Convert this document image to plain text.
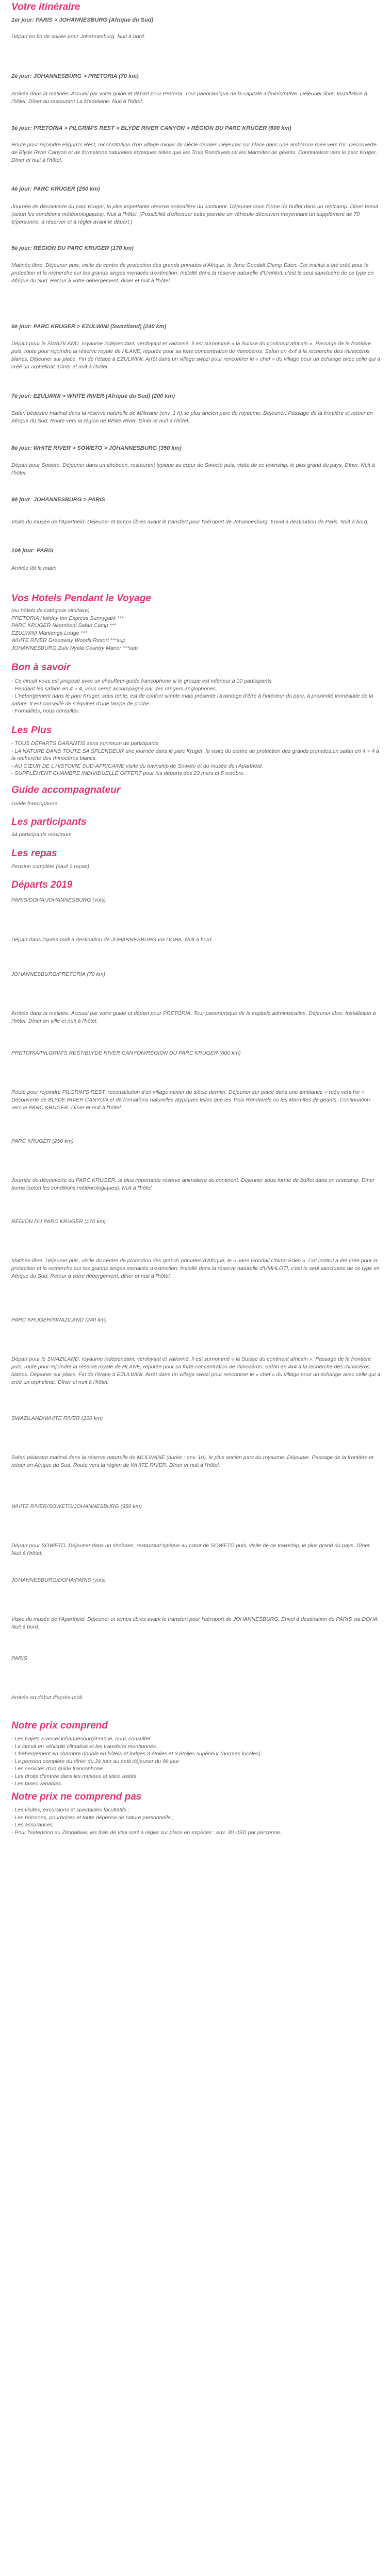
Votre itinéraire

1er jour: PARIS > JOHANNESBURG (Afrique du Sud)

Départ en fin de soirée pour Johannesburg. Nuit à bord.

2è jour: JOHANNESBURG > PRETORIA (70 km)

Arrivée dans la matinée. Accueil par votre guide et départ pour Pretoria. Tour panoramique de la capitale administrative. Déjeuner libre. Installation à l'hôtel. Dîner au restaurant La Madeleine. Nuit à l'hôtel.

3è jour: PRETORIA > PILGRIM'S REST > BLYDE RIVER CANYON > RÉGION DU PARC KRUGER (600 km)

Route pour rejoindre Pilgrim's Rest, reconstitution d'un village minier du siècle dernier. Déjeuner sur place dans une ambiance ruée vers l'or. Découverte de Blyde River Canyon et de formations naturelles atypiques telles que les Trois Rondavels ou les Marmites de géants. Continuation vers le parc Kruger. Dîner et nuit à l'hôtel.

4è jour: PARC KRUGER (250 km)

Journée de découverte du parc Kruger, la plus importante réserve animalière du continent. Déjeuner sous forme de buffet dans un restcamp. Dîner boma (selon les conditions météorologiques). Nuit à l'hôtel. (Possibilité d'effectuer cette journée en véhicule découvert moyennant un supplément de 70 €/personne, à réserver et à régler avant le départ.)

5è jour: RÉGION DU PARC KRUGER (170 km)

Matinée libre. Déjeuner puis, visite du centre de protection des grands primates d'Afrique, le Jane Goodall Chimp Eden. Cet institut a été créé pour la protection et la recherche sur les grands singes menacés d'extinction. Installé dans la réserve naturelle d'Umhloti, c'est le seul sanctuaire de ce type en Afrique du Sud. Retour à votre hébergement, dîner et nuit à l'hôtel.

6è jour: PARC KRUGER > EZULWINI (Swaziland) (240 km)

Départ pour le SWAZILAND, royaume indépendant, verdoyant et vallonné, il est surnommé « la Suisse du continent africain ». Passage de la frontière puis, route pour rejoindre la réserve royale de HLANE, réputée pour sa forte concentration de rhinocéros. Safari en 4x4 à la recherche des rhinocéros blancs. Déjeuner sur place. Fin de l'étape à EZULWINI. Arrêt dans un village swazi pour rencontrer le « chef » du village pour un échange avec celle qui a créé un orphelinat. Dîner et nuit à l'hôtel.

7è jour: EZULWINI > WHITE RIVER (Afrique du Sud) (200 km)

Safari pédestre matinal dans la réserve naturelle de Mlilwane (env. 1 h), le plus ancien parc du royaume. Déjeuner. Passage de la frontière et retour en Afrique du Sud. Route vers la région de White River. Dîner et nuit à l'hôtel.

8è jour: WHITE RIVER > SOWETO > JOHANNESBURG (350 km)

Départ pour Soweto. Déjeuner dans un shebeen, restaurant typique au cœur de Soweto puis, visite de ce township, le plus grand du pays. Dîner. Nuit à l'hôtel.

9è jour: JOHANNESBURG > PARIS

Visite du musée de l'Apartheid. Déjeuner et temps libres avant le transfert pour l'aéroport de Johannesburg. Envol à destination de Paris. Nuit à bord.

10è jour: PARIS

Arrivée tôt le matin.

Vos Hotels Pendant le Voyage
(ou hôtels de catégorie similaire)
PRETORIA Holiday Inn Express Sunnypark ***
PARC KRUGER Nkambeni Safari Camp ***
EZULWINI Mantenga Lodge ***
WHITE RIVER Greenway Woods Resort ***sup
JOHANNESBURG Zulu Nyala Country Manor ***sup
Bon à savoir
- Ce circuit vous est proposé avec un chauffeur-guide francophone si le groupe est inférieur à 10 participants
- Pendant les safaris en 4 × 4, vous serez accompagné par des rangers anglophones.
- L'hébergement dans le parc Kruger, sous tente, est de confort simple mais présente l'avantage d'être à l'intérieur du parc, à proximité immédiate de la nature. Il est conseillé de s'équiper d'une lampe de poche.
- Formalités, nous consulter.
Les Plus
- TOUS DÉPARTS GARANTIS sans minimum de participants
- LA NATURE DANS TOUTE SA SPLENDEUR une journée dans le parc Kruger, la visite du centre de protection des grands primates,un safari en 4 × 4 à la recherche des rhinocéros blancs.
- AU CŒUR DE L'HISTOIRE SUD-AFRICAINE visite du township de Soweto et du musée de l'Apartheid.
- SUPPLÉMENT CHAMBRE INDIVIDUELLE OFFERT pour les départs des 23 mars et 5 octobre.
Guide accompagnateur

Guide francophone

Les participants

34 participants maximum

Les repas

Pension complète (sauf 2 repas)

Départs 2019

PARIS/DOHA/JOHANNESBURG (vols)

Départ dans l'après-midi à destination de JOHANNESBURG via DOHA. Nuit à bord.

JOHANNESBURG/PRETORIA (70 km)

Arrivée dans la matinée. Accueil par votre guide et départ pour PRETORIA. Tour panoramique de la capitale administrative. Déjeuner libre. Installation à l'hôtel. Dîner en ville et nuit à l'hôtel.

PRETORIA/PILGRIM'S REST/BLYDE RIVER CANYON/RÉGION DU PARC KRUGER (600 km)

Route pour rejoindre PILGRIM'S REST, reconstitution d'un village minier du siècle dernier. Déjeuner sur place dans une ambiance « ruée vers l'or ». Découverte de BLYDE RIVER CANYON et de formations naturelles atypiques telles que les Trois Rondavels ou les Marmites de géants. Continuation vers le PARC KRUGER. Dîner et nuit à l'hôtel.

PARC KRUGER (250 km)

Journée de découverte du PARC KRUGER, la plus importante réserve animalière du continent. Déjeuner sous forme de buffet dans un restcamp. Dîner boma (selon les conditions météorologiques). Nuit à l'hôtel.

RÉGION DU PARC KRUGER (170 km)

Matinée libre. Déjeuner puis, visite du centre de protection des grands primates d'Afrique, le « Jane Goodall Chimp Eden ». Cet institut a été créé pour la protection et la recherche sur les grands singes menacés d'extinction. Installé dans la réserve naturelle d'UMHLOTI, c'est le seul sanctuaire de ce type en Afrique du Sud. Retour à votre hébergement, dîner et nuit à l'hôtel.

PARC KRUGER/SWAZILAND (240 km)

Départ pour le SWAZILAND, royaume indépendant, verdoyant et vallonné, il est surnommé « la Suisse du continent africain ». Passage de la frontière puis, route pour rejoindre la réserve royale de HLANE, réputée pour sa forte concentration de rhinocéros. Safari en 4x4 à la recherche des rhinocéros blancs. Déjeuner sur place. Fin de l'étape à EZULWINI. Arrêt dans un village swazi pour rencontrer le « chef » du village pour un échange avec celle qui a créé un orphelinat. Dîner et nuit à l'hôtel.

SWAZILAND/WHITE RIVER (200 km)

Safari pédestre matinal dans la réserve naturelle de MLILWANE (durée : env. 1h), le plus ancien parc du royaume. Déjeuner. Passage de la frontière et retour en Afrique du Sud. Route vers la région de WHITE RIVER. Dîner et nuit à l'hôtel.

WHITE RIVER/SOWETO/JOHANNESBURG (350 km)

Départ pour SOWETO. Déjeuner dans un shebeen, restaurant typique au cœur de SOWETO puis, visite de ce township, le plus grand du pays. Dîner. Nuit à l'hôtel.

JOHANNESBURG/DOHA/PARIS (vols)

Visite du musée de l'Apartheid. Déjeuner et temps libres avant le transfert pour l'aéroport de JOHANNESBURG. Envol à destination de PARIS via DOHA. Nuit à bord.

PARIS

Arrivée en début d'après-midi.

Notre prix comprend
- Les trajets France/Johannesburg/France, nous consulter.
- Le circuit en véhicule climatisé et les transferts mentionnés.
- L'hébergement en chambre double en hôtels et lodges 3 étoiles et 3 étoiles supérieur (normes locales).
- La pension complète du dîner du 2è jour au petit déjeuner du 9è jour.
- Les services d'un guide francophone.
- Les droits d'entrée dans les musées et sites visités.
- Les taxes variables.
Notre prix ne comprend pas
- Les visites, excursions et spectacles facultatifs ;
- Les boissons, pourboires et toute dépense de nature personnelle ;
- Les assurances.
- Pour l'extension au Zimbabwe, les frais de visa sont à régler sur place en espèces : env. 30 USD par personne.
